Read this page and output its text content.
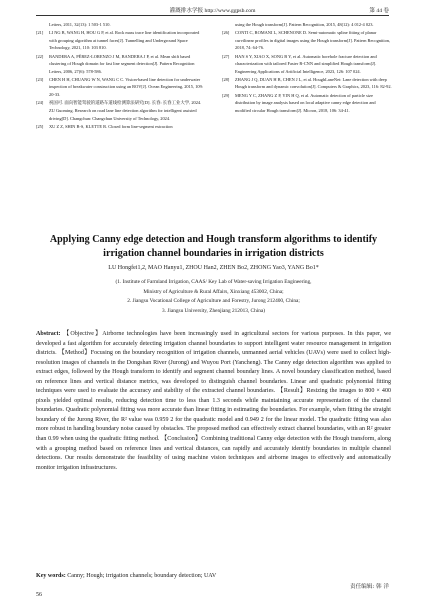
灌溉排水学报 http://www.ggpsb.com	第 44 卷
Letters, 2011, 32(13): 1 503-1 510.
[21] LI NG B, WANG H, HOU G P, et al. Rock mass trace line identification incorporated with grouping algorithm at tunnel faces[J]. Tunnelling and Underground Space Technology, 2021, 110: 103 810.
[22] BANDERA A, PÉREZ-LORENZO J M, BANDERA J P, et al. Mean shift based clustering of Hough domain for fast line segment detection[J]. Pattern Recognition Letters, 2006, 27(6): 578-586.
[23] CHEN H H, CHUANG W N, WANG C C. Vision-based line detection for underwater inspection of breakwater construction using an ROV[J]. Ocean Engineering, 2015, 109: 20-33.
[24] 祝国可. 面向智能驾驶的道路车道线检测算法研究[D]. 长春: 长春工业大学, 2024.
ZU Guoming. Research on road lane line detection algorithm for intelligent assisted driving[D]. Changchun: Changchun University of Technology, 2024.
[25] XU Z Z, SHIN B-S, KLETTE R. Closed form line-segment extraction
using the Hough transform[J]. Pattern Recognition, 2015, 48(12): 4 012-4 023.
[26] CONTI C, ROMANI L, SCHENONE D. Semi-automatic spline fitting of planar curvilinear profiles in digital images using the Hough transform[J]. Pattern Recognition, 2018, 74: 64-76.
[27] HAN S Y, XIAO X, SONG B Y, et al. Automatic borehole fracture detection and characterization with tailored Faster R-CNN and simplified Hough transform[J]. Engineering Applications of Artificial Intelligence, 2023, 126: 107 024.
[28] ZHANG J Q, DUAN H B, CHEN J L, et al. HoughLaneNet: Lane detection with deep Hough transform and dynamic convolution[J]. Computers & Graphics, 2023, 116: 82-92.
[29] MENG Y C, ZHANG Z P, YIN H Q, et al. Automatic detection of particle size distribution by image analysis based on local adaptive canny edge detection and modified circular Hough transform[J]. Micron, 2018, 106: 34-41.
Applying Canny edge detection and Hough transform algorithms to identify irrigation channel boundaries in irrigation districts
LU Hongfei1,2, MAO Hanyu1, ZHOU Han2, ZHEN Bo2, ZHONG Yao3, YANG Bo1*
(1. Institute of Farmland Irrigation, CAAS/ Key Lab of Water-saving Irrigation Engineering,
Ministry of Agriculture & Rural Affairs, Xinxiang 453002, China;
2. Jiangsu Vocational College of Agriculture and Forestry, Jurong 212400, China;
3. Jiangsu University, Zhenjiang 212013, China)
Abstract: 【Objective】Airborne technologies have been increasingly used in agricultural sectors for various purposes. In this paper, we developed a fast algorithm for accurately detecting irrigation channel boundaries to support intelligent water resource management in irrigation districts. 【Method】Focusing on the boundary recognition of irrigation channels, unmanned aerial vehicles (UAVs) were used to collect high-resolution images of channels in the Dongshan River (Jurong) and Wuyou Port (Yancheng). The Canny edge detection algorithm was applied to extract edges, followed by the Hough transform to identify and segment channel boundary lines. A novel boundary classification method, based on reference lines and vertical distance metrics, was developed to distinguish channel boundaries. Linear and quadratic polynomial fitting techniques were used to evaluate the accuracy and stability of the extracted channel boundaries. 【Result】Resizing the images to 800 × 400 pixels yielded optimal results, reducing detection time to less than 1.3 seconds while maintaining accurate representation of the channel boundaries. Quadratic polynomial fitting was more accurate than linear fitting in estimating the boundaries. For example, when fitting the straight boundary of the Jurong River, the R² value was 0.959 2 for the quadratic model and 0.949 2 for the linear model. The quadratic fitting was also more robust in handling boundary noise caused by obstacles. The proposed method can effectively extract channel boundaries, with an R² greater than 0.99 when using the quadratic fitting method. 【Conclusion】Combining traditional Canny edge detection with the Hough transform, along with a grouping method based on reference lines and vertical distances, can rapidly and accurately identify boundaries in multiple channel detections. Our results demonstrate the feasibility of using machine vision techniques and airborne images to effectively and automatically monitor irrigation infrastructures.
Key words: Canny; Hough; irrigation channels; boundary detection; UAV
责任编辑: 韩 洋
56
